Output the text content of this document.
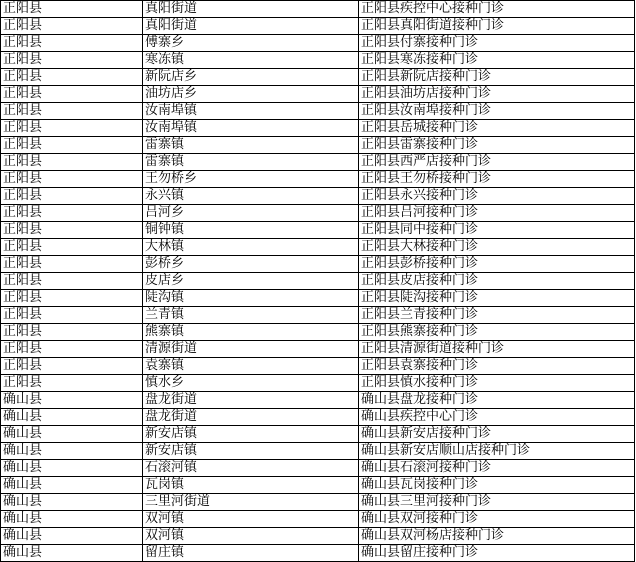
正阳县	真阳街道	正阳县疾控中心接种门诊
正阳县	真阳街道	正阳县真阳街道接种门诊
正阳县	傅寨乡	正阳县付寨接种门诊
正阳县	寒冻镇	正阳县寒冻接种门诊
正阳县	新阮店乡	正阳县新阮店接种门诊
正阳县	油坊店乡	正阳县油坊店接种门诊
正阳县	汝南埠镇	正阳县汝南埠接种门诊
正阳县	汝南埠镇	正阳县岳城接种门诊
正阳县	雷寨镇	正阳县雷寨接种门诊
正阳县	雷寨镇	正阳县西严店接种门诊
正阳县	王勿桥乡	正阳县王勿桥接种门诊
正阳县	永兴镇	正阳县永兴接种门诊
正阳县	吕河乡	正阳县吕河接种门诊
正阳县	铜钟镇	正阳县同中接种门诊
正阳县	大林镇	正阳县大林接种门诊
正阳县	彭桥乡	正阳县彭桥接种门诊
正阳县	皮店乡	正阳县皮店接种门诊
正阳县	陡沟镇	正阳县陡沟接种门诊
正阳县	兰青镇	正阳县兰青接种门诊
正阳县	熊寨镇	正阳县熊寨接种门诊
正阳县	清源街道	正阳县清源街道接种门诊
正阳县	袁寨镇	正阳县袁寨接种门诊
正阳县	慎水乡	正阳县慎水接种门诊
确山县	盘龙街道	确山县盘龙接种门诊
确山县	盘龙街道	确山县疾控中心门诊
确山县	新安店镇	确山县新安店接种门诊
确山县	新安店镇	确山县新安店顺山店接种门诊
确山县	石滚河镇	确山县石滚河接种门诊
确山县	瓦岗镇	确山县瓦岗接种门诊
确山县	三里河街道	确山县三里河接种门诊
确山县	双河镇	确山县双河接种门诊
确山县	双河镇	确山县双河杨店接种门诊
确山县	留庄镇	确山县留庄接种门诊
